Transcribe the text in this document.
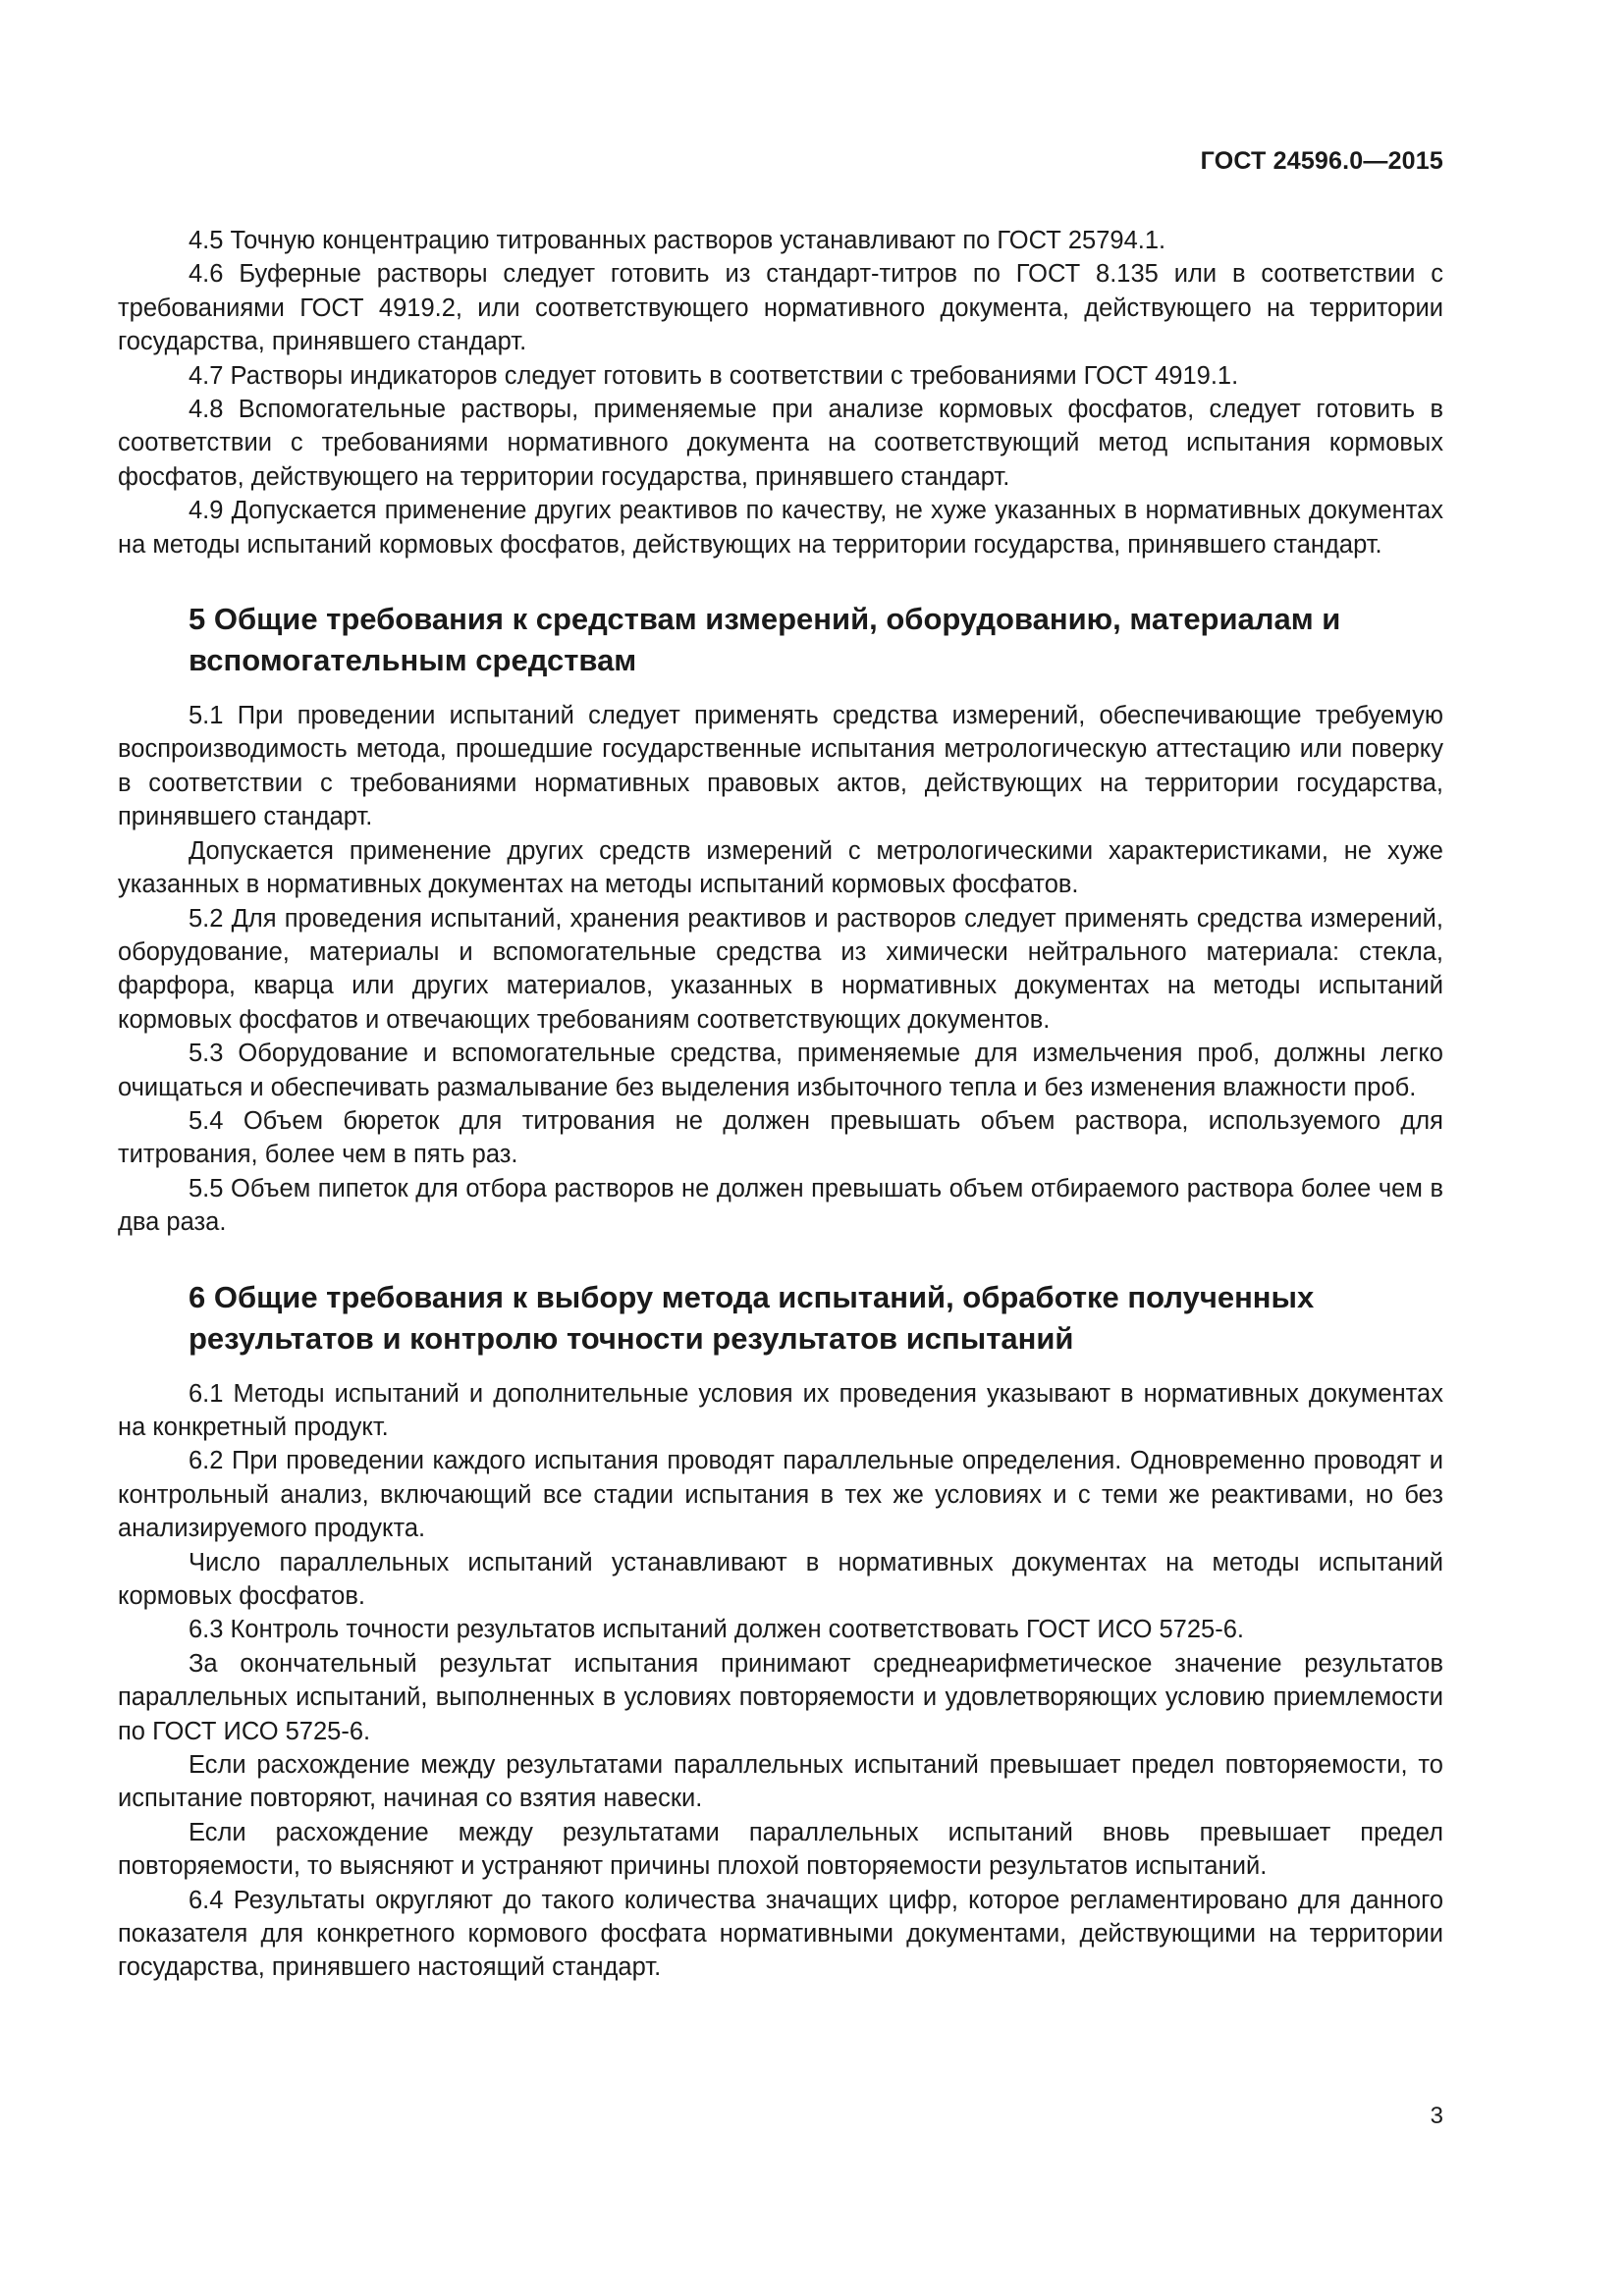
ГОСТ 24596.0—2015

4.5 Точную концентрацию титрованных растворов устанавливают по ГОСТ 25794.1.

4.6 Буферные растворы следует готовить из стандарт-титров по ГОСТ 8.135 или в соответствии с требованиями ГОСТ 4919.2, или соответствующего нормативного документа, действующего на территории государства, принявшего стандарт.

4.7 Растворы индикаторов следует готовить в соответствии с требованиями ГОСТ 4919.1.

4.8 Вспомогательные растворы, применяемые при анализе кормовых фосфатов, следует готовить в соответствии с требованиями нормативного документа на соответствующий метод испытания кормовых фосфатов, действующего на территории государства, принявшего стандарт.

4.9 Допускается применение других реактивов по качеству, не хуже указанных в нормативных документах на методы испытаний кормовых фосфатов, действующих на территории государства, принявшего стандарт.

5 Общие требования к средствам измерений, оборудованию, материалам и вспомогательным средствам

5.1 При проведении испытаний следует применять средства измерений, обеспечивающие требуемую воспроизводимость метода, прошедшие государственные испытания метрологическую аттестацию или поверку в соответствии с требованиями нормативных правовых актов, действующих на территории государства, принявшего стандарт.

Допускается применение других средств измерений с метрологическими характеристиками, не хуже указанных в нормативных документах на методы испытаний кормовых фосфатов.

5.2 Для проведения испытаний, хранения реактивов и растворов следует применять средства измерений, оборудование, материалы и вспомогательные средства из химически нейтрального материала: стекла, фарфора, кварца или других материалов, указанных в нормативных документах на методы испытаний кормовых фосфатов и отвечающих требованиям соответствующих документов.

5.3 Оборудование и вспомогательные средства, применяемые для измельчения проб, должны легко очищаться и обеспечивать размалывание без выделения избыточного тепла и без изменения влажности проб.

5.4 Объем бюреток для титрования не должен превышать объем раствора, используемого для титрования, более чем в пять раз.

5.5 Объем пипеток для отбора растворов не должен превышать объем отбираемого раствора более чем в два раза.

6 Общие требования к выбору метода испытаний, обработке полученных результатов и контролю точности результатов испытаний

6.1 Методы испытаний и дополнительные условия их проведения указывают в нормативных документах на конкретный продукт.

6.2 При проведении каждого испытания проводят параллельные определения. Одновременно проводят и контрольный анализ, включающий все стадии испытания в тех же условиях и с теми же реактивами, но без анализируемого продукта.

Число параллельных испытаний устанавливают в нормативных документах на методы испытаний кормовых фосфатов.

6.3 Контроль точности результатов испытаний должен соответствовать ГОСТ ИСО 5725-6.

За окончательный результат испытания принимают среднеарифметическое значение результатов параллельных испытаний, выполненных в условиях повторяемости и удовлетворяющих условию приемлемости по ГОСТ ИСО 5725-6.

Если расхождение между результатами параллельных испытаний превышает предел повторяемости, то испытание повторяют, начиная со взятия навески.

Если расхождение между результатами параллельных испытаний вновь превышает предел повторяемости, то выясняют и устраняют причины плохой повторяемости результатов испытаний.

6.4 Результаты округляют до такого количества значащих цифр, которое регламентировано для данного показателя для конкретного кормового фосфата нормативными документами, действующими на территории государства, принявшего настоящий стандарт.

3
